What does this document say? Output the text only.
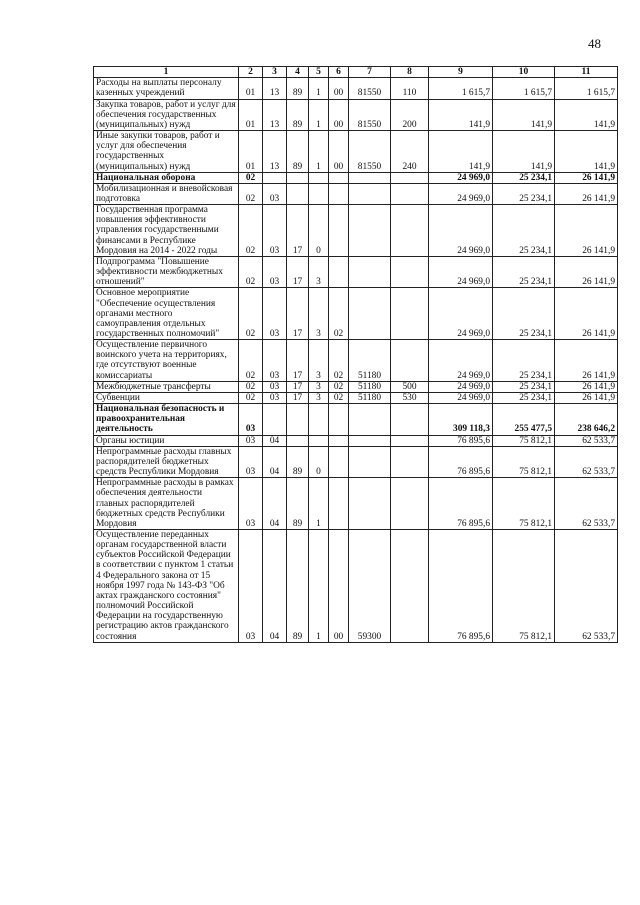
48
1	2	3	4	5	6	7	8	9	10	11
Расходы на выплаты персоналу казенных учреждений	01	13	89	1	00	81550	110	1 615,7	1 615,7	1 615,7
Закупка товаров, работ и услуг для обеспечения государственных (муниципальных) нужд	01	13	89	1	00	81550	200	141,9	141,9	141,9
Иные закупки товаров, работ и услуг для обеспечения государственных (муниципальных) нужд	01	13	89	1	00	81550	240	141,9	141,9	141,9
Национальная оборона	02							24 969,0	25 234,1	26 141,9
Мобилизационная и вневойсковая подготовка	02	03						24 969,0	25 234,1	26 141,9
Государственная программа повышения эффективности управления государственными финансами в Республике Мордовия на 2014 - 2022 годы	02	03	17	0				24 969,0	25 234,1	26 141,9
Подпрограмма "Повышение эффективности межбюджетных отношений"	02	03	17	3				24 969,0	25 234,1	26 141,9
Основное мероприятие "Обеспечение осуществления органами местного самоуправления отдельных государственных полномочий"	02	03	17	3	02			24 969,0	25 234,1	26 141,9
Осуществление первичного воинского учета на территориях, где отсутствуют военные комиссариаты	02	03	17	3	02	51180		24 969,0	25 234,1	26 141,9
Межбюджетные трансферты	02	03	17	3	02	51180	500	24 969,0	25 234,1	26 141,9
Субвенции	02	03	17	3	02	51180	530	24 969,0	25 234,1	26 141,9
Национальная безопасность и правоохранительная деятельность	03							309 118,3	255 477,5	238 646,2
Органы юстиции	03	04						76 895,6	75 812,1	62 533,7
Непрограммные расходы главных распорядителей бюджетных средств Республики Мордовия	03	04	89	0				76 895,6	75 812,1	62 533,7
Непрограммные расходы в рамках обеспечения деятельности главных распорядителей бюджетных средств Республики Мордовия	03	04	89	1				76 895,6	75 812,1	62 533,7
Осуществление переданных органам государственной власти субъектов Российской Федерации в соответствии с пунктом 1 статьи 4 Федерального закона от 15 ноября 1997 года № 143-ФЗ "Об актах гражданского состояния" полномочий Российской Федерации на государственную регистрацию актов гражданского состояния	03	04	89	1	00	59300		76 895,6	75 812,1	62 533,7
